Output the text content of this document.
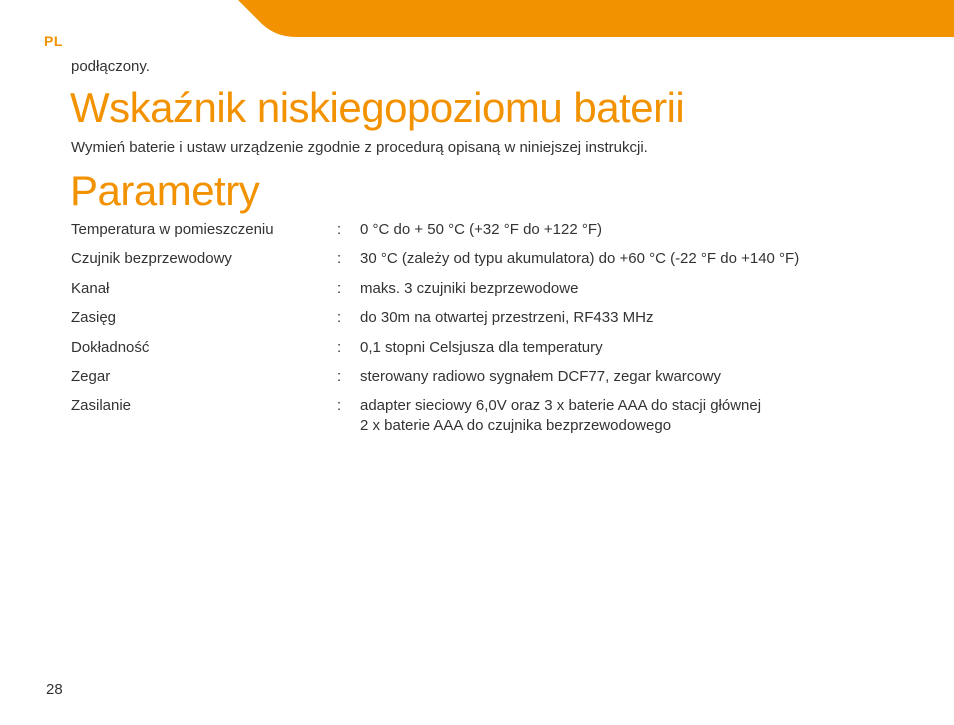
PL
podłączony.
Wskaźnik niskiegopoziomu baterii
Wymień baterie i ustaw urządzenie zgodnie z procedurą opisaną w niniejszej instrukcji.
Parametry
Temperatura w pomieszczeniu	: 0 °C do + 50 °C (+32 °F do +122 °F)
Czujnik bezprzewodowy	: 30 °C (zależy od typu akumulatora) do +60 °C (-22 °F do +140 °F)
Kanał	: maks. 3 czujniki bezprzewodowe
Zasięg	: do 30m na otwartej przestrzeni, RF433 MHz
Dokładność	: 0,1 stopni Celsjusza dla temperatury
Zegar	: sterowany radiowo sygnałem DCF77, zegar kwarcowy
Zasilanie	: adapter sieciowy 6,0V oraz 3 x baterie AAA do stacji głównej
2 x baterie AAA do czujnika bezprzewodowego
28
